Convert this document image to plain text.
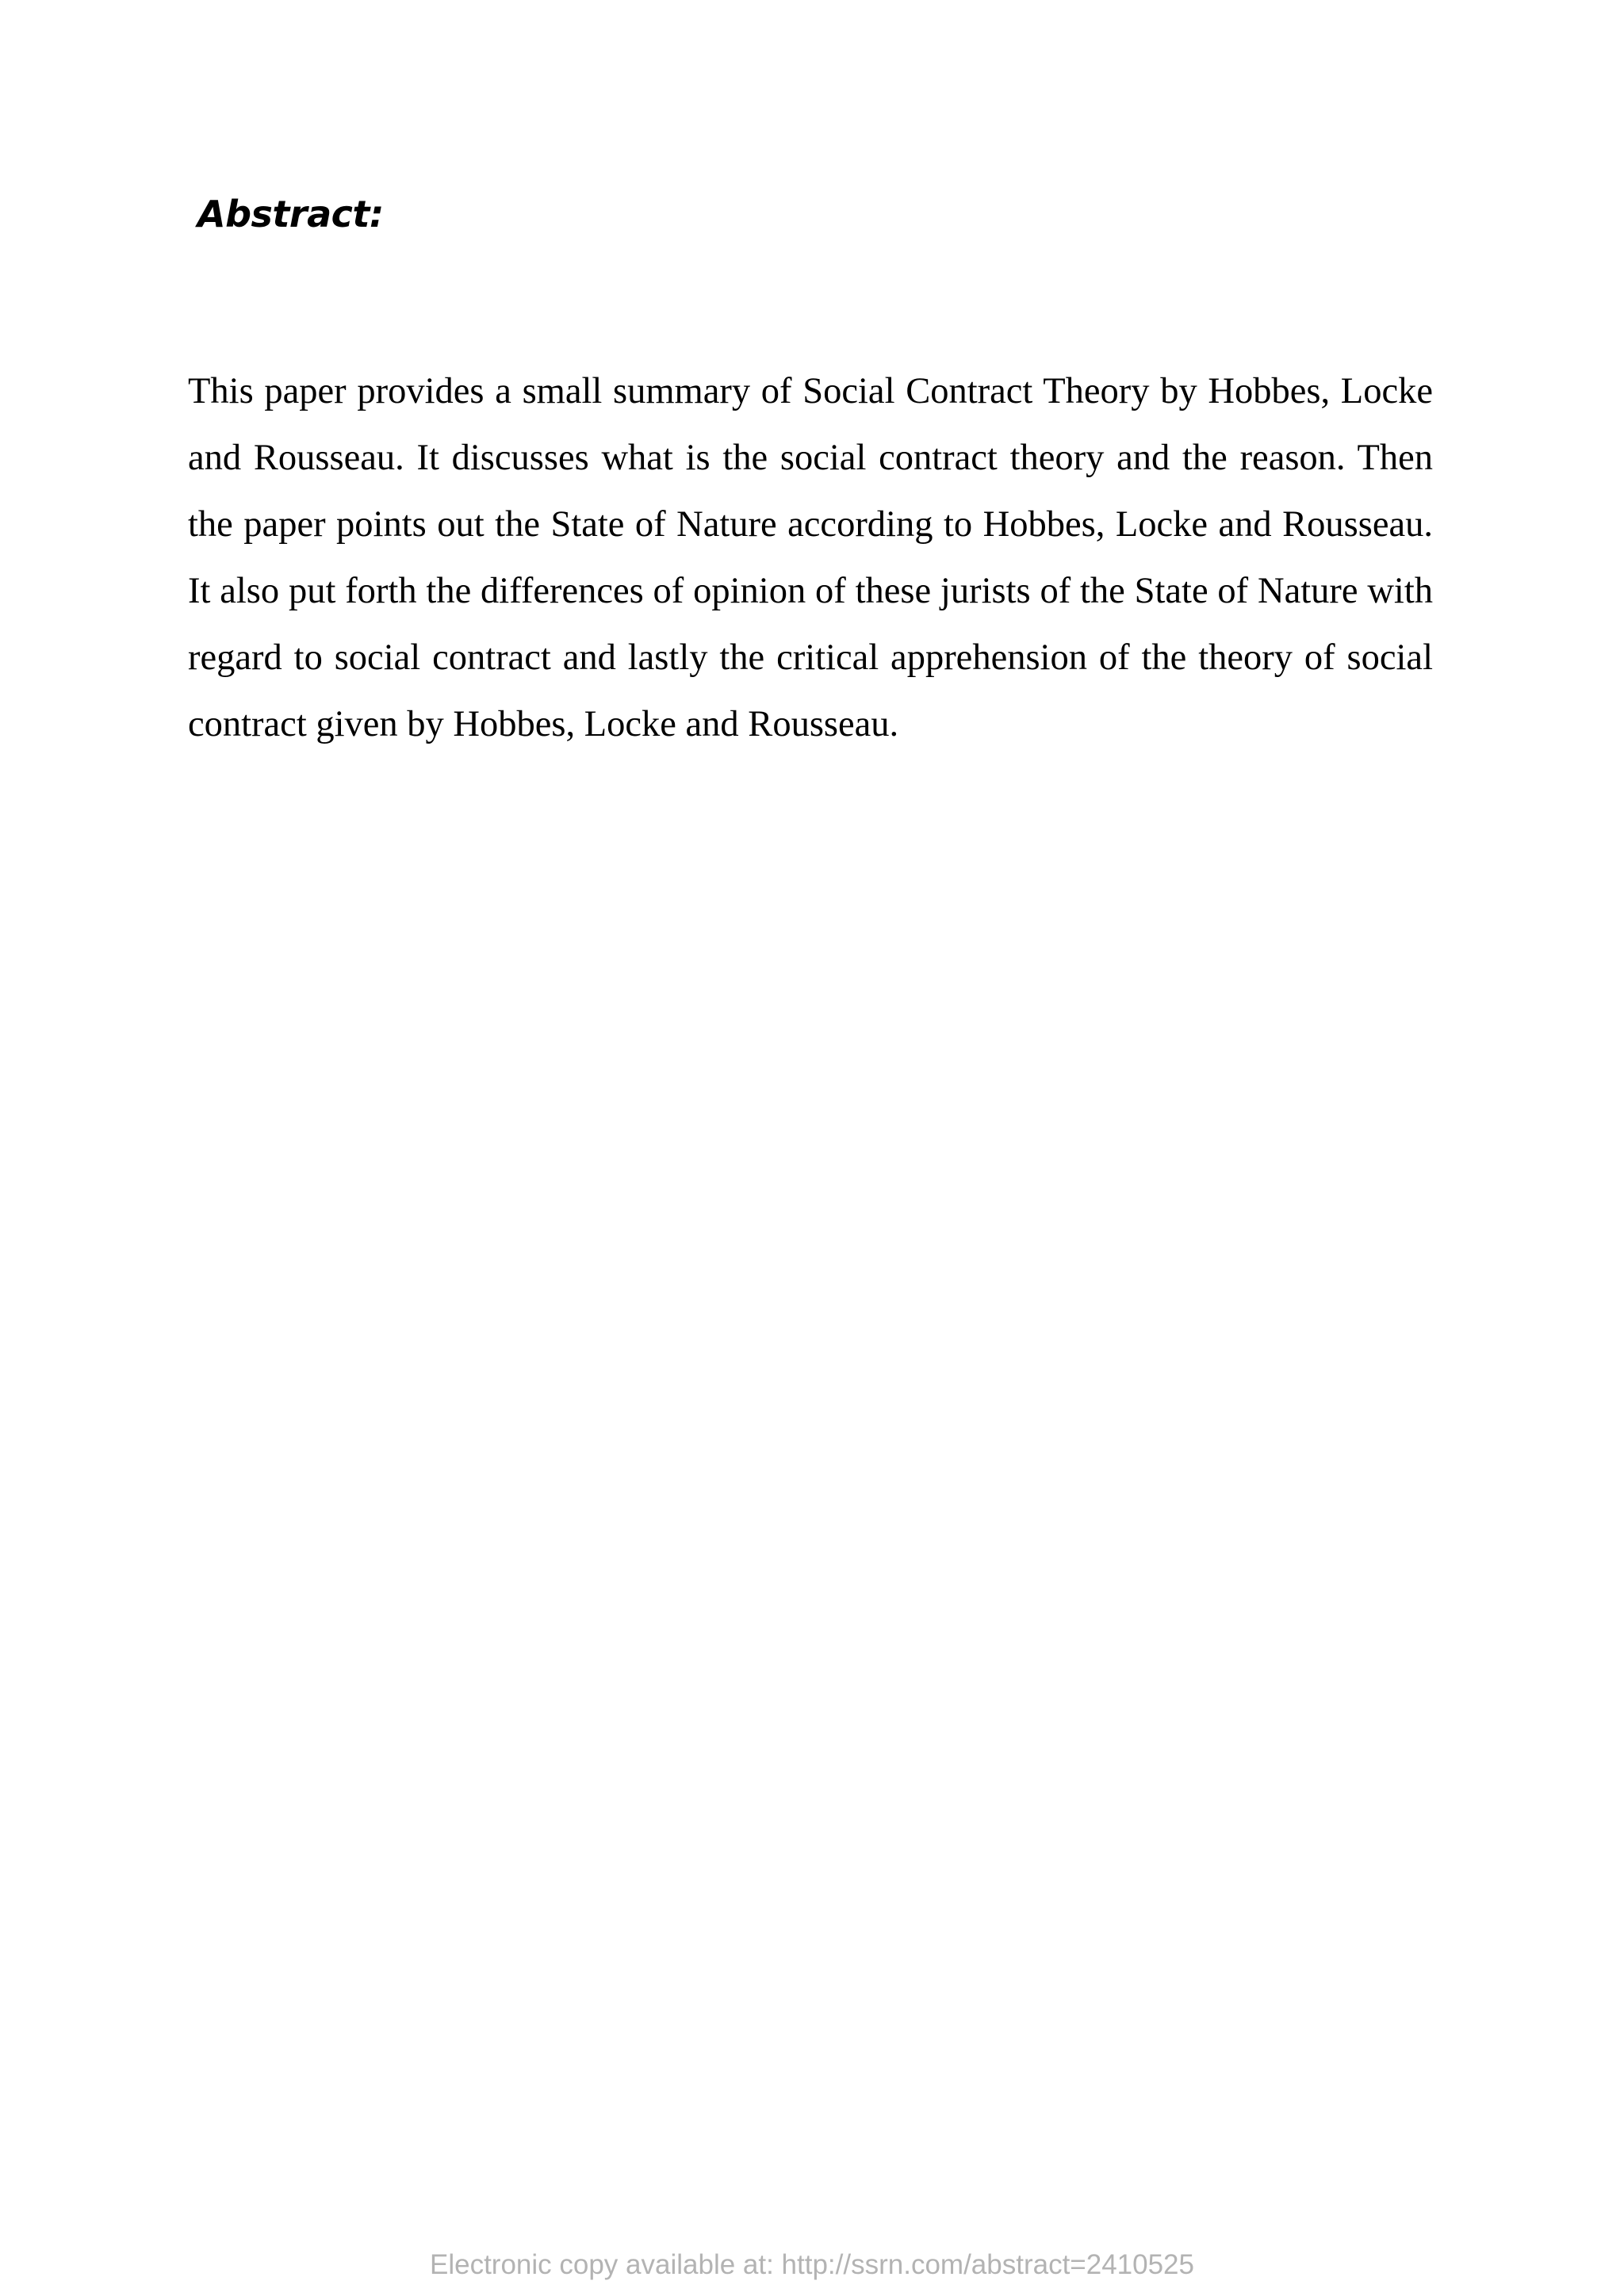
Abstract:

This paper provides a small summary of Social Contract Theory by Hobbes, Locke and Rousseau. It discusses what is the social contract theory and the reason. Then the paper points out the State of Nature according to Hobbes, Locke and Rousseau. It also put forth the differences of opinion of these jurists of the State of Nature with regard to social contract and lastly the critical apprehension of the theory of social contract given by Hobbes, Locke and Rousseau.

Electronic copy available at: http://ssrn.com/abstract=2410525
